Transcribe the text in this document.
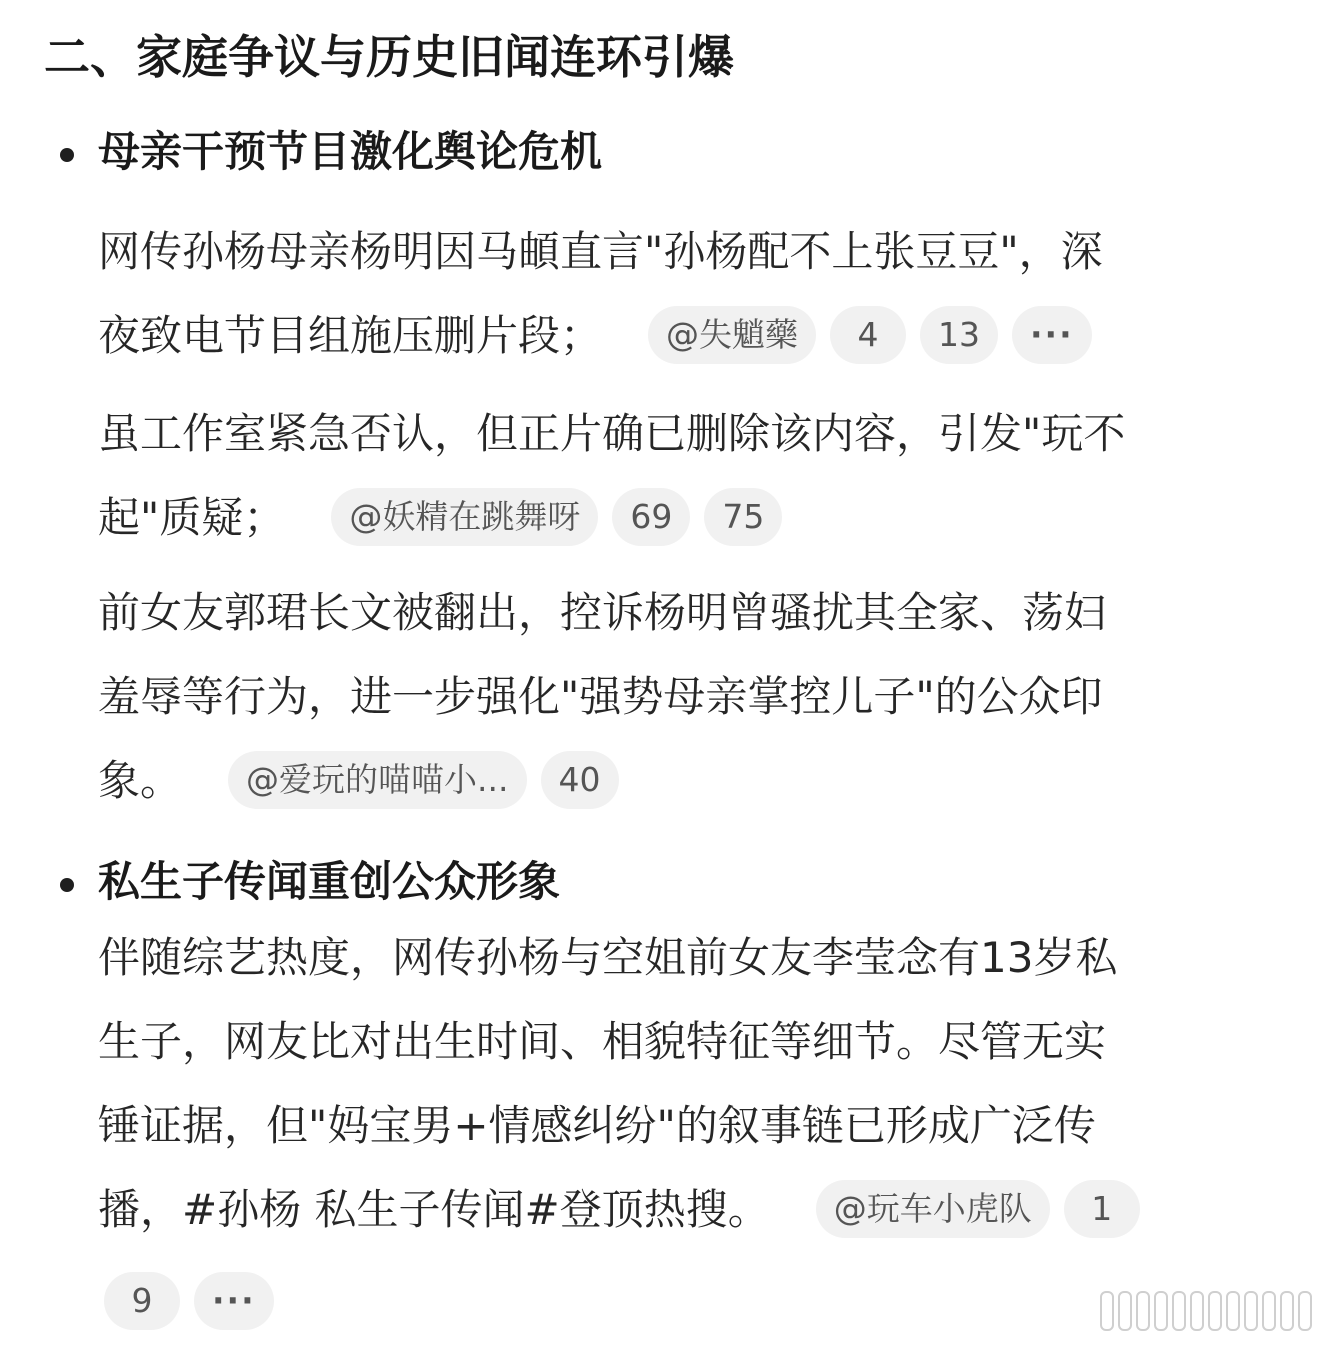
二、家庭争议与历史旧闻连环引爆
母亲干预节目激化舆论危机
网传孙杨母亲杨明因马頔直言"孙杨配不上张豆豆"，深
夜致电节目组施压删片段； @失魈藥 4 13 ···
虽工作室紧急否认，但正片确已删除该内容，引发"玩不
起"质疑； @妖精在跳舞呀 69 75
前女友郭珺长文被翻出，控诉杨明曾骚扰其全家、荡妇
羞辱等行为，进一步强化"强势母亲掌控儿子"的公众印
象。 @爱玩的喵喵小... 40
私生子传闻重创公众形象
伴随综艺热度，网传孙杨与空姐前女友李莹念有13岁私
生子，网友比对出生时间、相貌特征等细节。尽管无实
锤证据，但"妈宝男+情感纠纷"的叙事链已形成广泛传
播，#孙杨 私生子传闻#登顶热搜。 @玩车小虎队 1
9 ···
